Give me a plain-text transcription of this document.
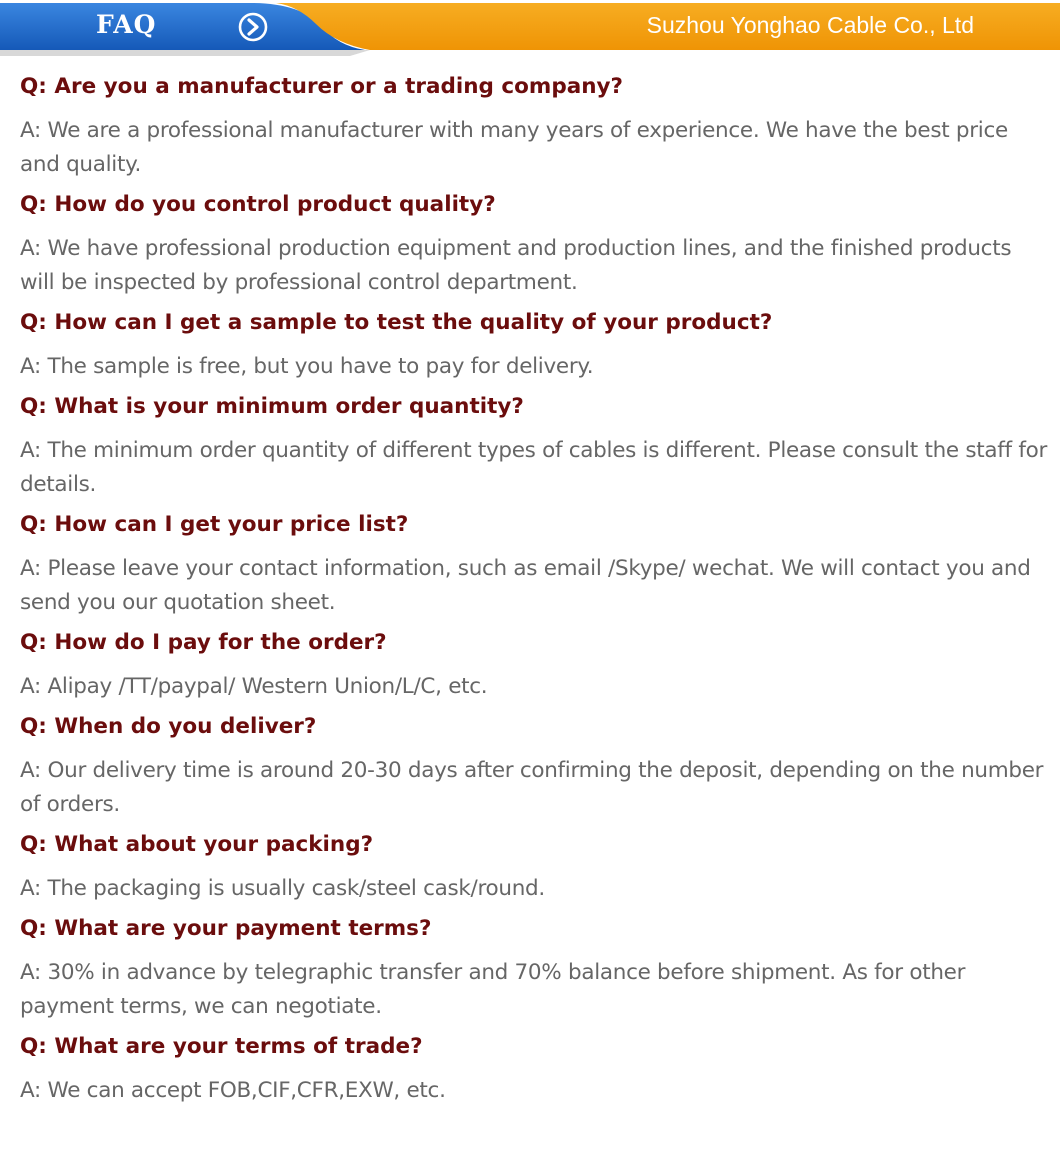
FAQ	Suzhou Yonghao Cable Co., Ltd

Q: Are you a manufacturer or a trading company?

A: We are a professional manufacturer with many years of experience. We have the best price and quality.

Q: How do you control product quality?

A: We have professional production equipment and production lines, and the finished products will be inspected by professional control department.

Q: How can I get a sample to test the quality of your product?

A: The sample is free, but you have to pay for delivery.

Q: What is your minimum order quantity?

A: The minimum order quantity of different types of cables is different. Please consult the staff for details.

Q: How can I get your price list?

A: Please leave your contact information, such as email /Skype/ wechat. We will contact you and send you our quotation sheet.

Q: How do I pay for the order?

A: Alipay /TT/paypal/ Western Union/L/C, etc.

Q: When do you deliver?

A: Our delivery time is around 20-30 days after confirming the deposit, depending on the number of orders.

Q: What about your packing?

A: The packaging is usually cask/steel cask/round.

Q: What are your payment terms?

A: 30% in advance by telegraphic transfer and 70% balance before shipment. As for other payment terms, we can negotiate.

Q: What are your terms of trade?

A: We can accept FOB,CIF,CFR,EXW, etc.
